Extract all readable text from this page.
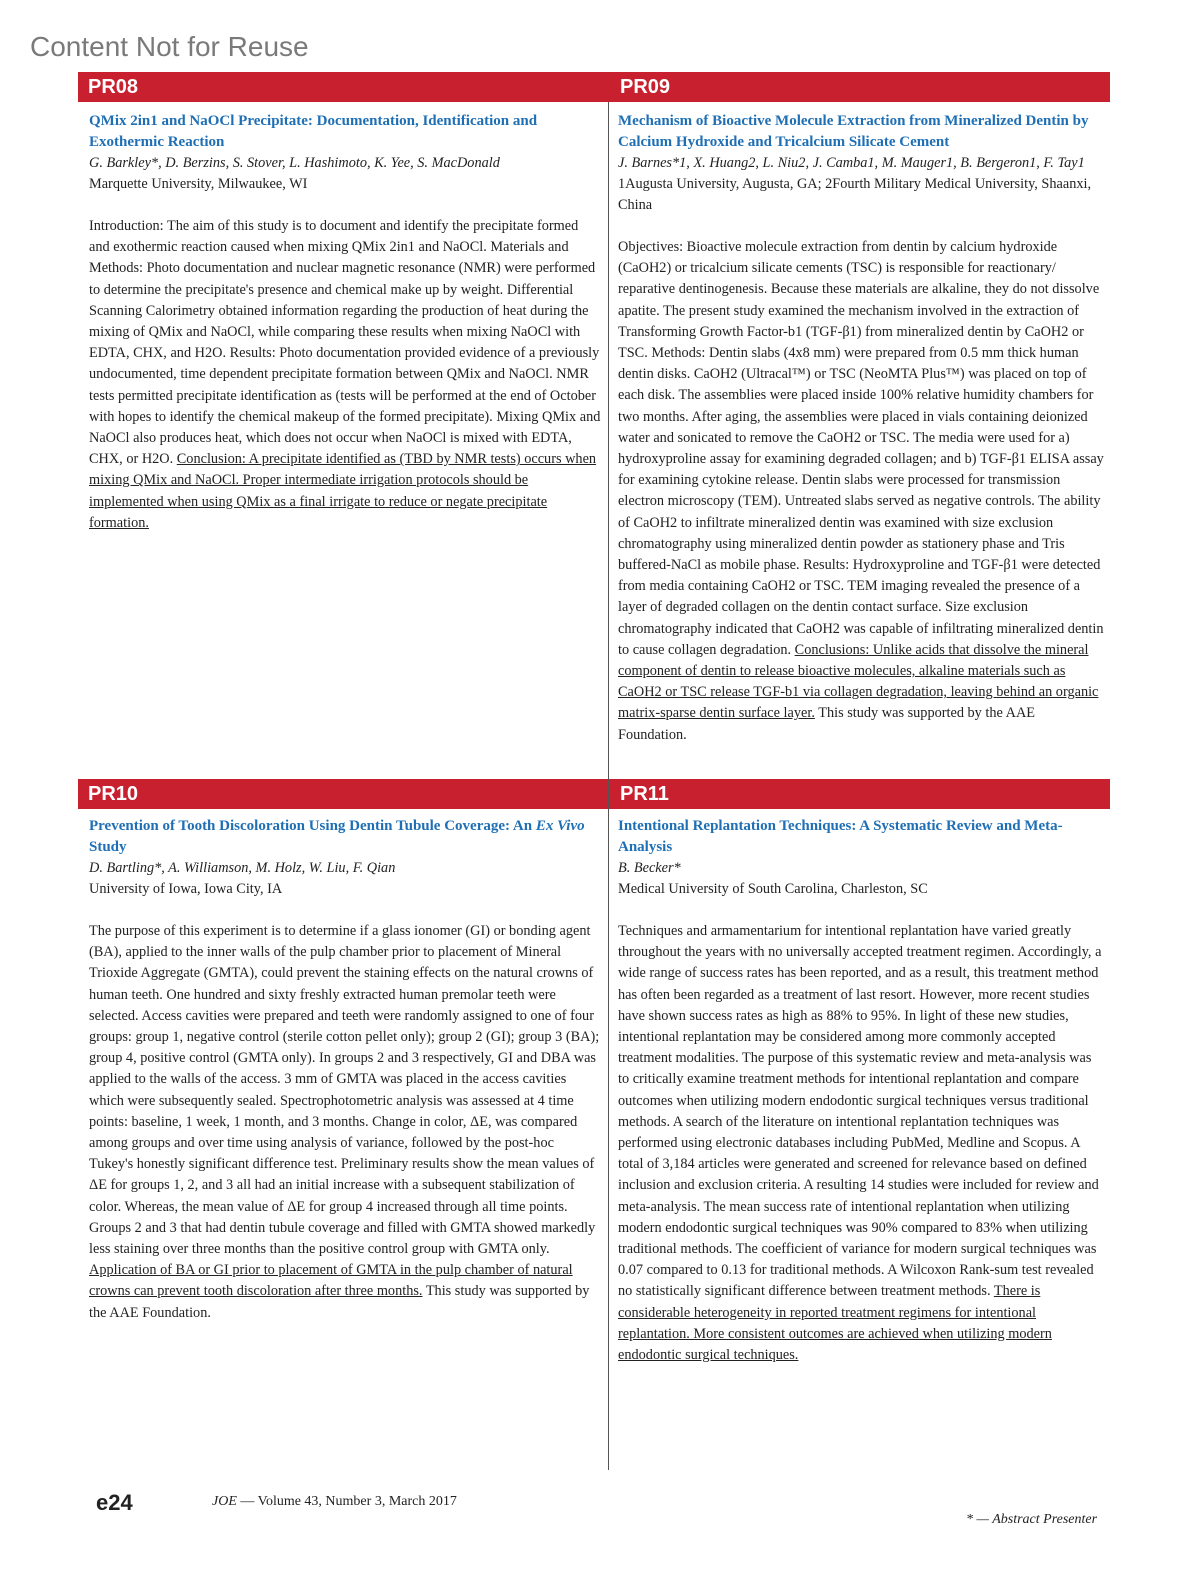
Content Not for Reuse
PR08	PR09
PR10	PR11
QMix 2in1 and NaOCl Precipitate: Documentation, Identification and Exothermic Reaction
G. Barkley*, D. Berzins, S. Stover, L. Hashimoto, K. Yee, S. MacDonald
Marquette University, Milwaukee, WI
Introduction: The aim of this study is to document and identify the precipitate formed and exothermic reaction caused when mixing QMix 2in1 and NaOCl. Materials and Methods: Photo documentation and nuclear magnetic resonance (NMR) were performed to determine the precipitate's presence and chemical make up by weight. Differential Scanning Calorimetry obtained information regarding the production of heat during the mixing of QMix and NaOCl, while comparing these results when mixing NaOCl with EDTA, CHX, and H2O. Results: Photo documentation provided evidence of a previously undocumented, time dependent precipitate formation between QMix and NaOCl. NMR tests permitted precipitate identification as (tests will be performed at the end of October with hopes to identify the chemical makeup of the formed precipitate). Mixing QMix and NaOCl also produces heat, which does not occur when NaOCl is mixed with EDTA, CHX, or H2O. Conclusion: A precipitate identified as (TBD by NMR tests) occurs when mixing QMix and NaOCl. Proper intermediate irrigation protocols should be implemented when using QMix as a final irrigate to reduce or negate precipitate formation.
Mechanism of Bioactive Molecule Extraction from Mineralized Dentin by Calcium Hydroxide and Tricalcium Silicate Cement
J. Barnes*1, X. Huang2, L. Niu2, J. Camba1, M. Mauger1, B. Bergeron1, F. Tay1
1Augusta University, Augusta, GA; 2Fourth Military Medical University, Shaanxi, China
Objectives: Bioactive molecule extraction from dentin by calcium hydroxide (CaOH2) or tricalcium silicate cements (TSC) is responsible for reactionary/ reparative dentinogenesis. Because these materials are alkaline, they do not dissolve apatite. The present study examined the mechanism involved in the extraction of Transforming Growth Factor-b1 (TGF-β1) from mineralized dentin by CaOH2 or TSC. Methods: Dentin slabs (4x8 mm) were prepared from 0.5 mm thick human dentin disks. CaOH2 (Ultracal™) or TSC (NeoMTA Plus™) was placed on top of each disk. The assemblies were placed inside 100% relative humidity chambers for two months. After aging, the assemblies were placed in vials containing deionized water and sonicated to remove the CaOH2 or TSC. The media were used for a) hydroxyproline assay for examining degraded collagen; and b) TGF-β1 ELISA assay for examining cytokine release. Dentin slabs were processed for transmission electron microscopy (TEM). Untreated slabs served as negative controls. The ability of CaOH2 to infiltrate mineralized dentin was examined with size exclusion chromatography using mineralized dentin powder as stationery phase and Tris buffered-NaCl as mobile phase. Results: Hydroxyproline and TGF-β1 were detected from media containing CaOH2 or TSC. TEM imaging revealed the presence of a layer of degraded collagen on the dentin contact surface. Size exclusion chromatography indicated that CaOH2 was capable of infiltrating mineralized dentin to cause collagen degradation. Conclusions: Unlike acids that dissolve the mineral component of dentin to release bioactive molecules, alkaline materials such as CaOH2 or TSC release TGF-b1 via collagen degradation, leaving behind an organic matrix-sparse dentin surface layer. This study was supported by the AAE Foundation.
Prevention of Tooth Discoloration Using Dentin Tubule Coverage: An Ex Vivo Study
D. Bartling*, A. Williamson, M. Holz, W. Liu, F. Qian
University of Iowa, Iowa City, IA
The purpose of this experiment is to determine if a glass ionomer (GI) or bonding agent (BA), applied to the inner walls of the pulp chamber prior to placement of Mineral Trioxide Aggregate (GMTA), could prevent the staining effects on the natural crowns of human teeth. One hundred and sixty freshly extracted human premolar teeth were selected. Access cavities were prepared and teeth were randomly assigned to one of four groups: group 1, negative control (sterile cotton pellet only); group 2 (GI); group 3 (BA); group 4, positive control (GMTA only). In groups 2 and 3 respectively, GI and DBA was applied to the walls of the access. 3 mm of GMTA was placed in the access cavities which were subsequently sealed. Spectrophotometric analysis was assessed at 4 time points: baseline, 1 week, 1 month, and 3 months. Change in color, ΔE, was compared among groups and over time using analysis of variance, followed by the post-hoc Tukey's honestly significant difference test. Preliminary results show the mean values of ΔE for groups 1, 2, and 3 all had an initial increase with a subsequent stabilization of color. Whereas, the mean value of ΔE for group 4 increased through all time points. Groups 2 and 3 that had dentin tubule coverage and filled with GMTA showed markedly less staining over three months than the positive control group with GMTA only. Application of BA or GI prior to placement of GMTA in the pulp chamber of natural crowns can prevent tooth discoloration after three months. This study was supported by the AAE Foundation.
Intentional Replantation Techniques: A Systematic Review and Meta-Analysis
B. Becker*
Medical University of South Carolina, Charleston, SC
Techniques and armamentarium for intentional replantation have varied greatly throughout the years with no universally accepted treatment regimen. Accordingly, a wide range of success rates has been reported, and as a result, this treatment method has often been regarded as a treatment of last resort. However, more recent studies have shown success rates as high as 88% to 95%. In light of these new studies, intentional replantation may be considered among more commonly accepted treatment modalities. The purpose of this systematic review and meta-analysis was to critically examine treatment methods for intentional replantation and compare outcomes when utilizing modern endodontic surgical techniques versus traditional methods. A search of the literature on intentional replantation techniques was performed using electronic databases including PubMed, Medline and Scopus. A total of 3,184 articles were generated and screened for relevance based on defined inclusion and exclusion criteria. A resulting 14 studies were included for review and meta-analysis. The mean success rate of intentional replantation when utilizing modern endodontic surgical techniques was 90% compared to 83% when utilizing traditional methods. The coefficient of variance for modern surgical techniques was 0.07 compared to 0.13 for traditional methods. A Wilcoxon Rank-sum test revealed no statistically significant difference between treatment methods. There is considerable heterogeneity in reported treatment regimens for intentional replantation. More consistent outcomes are achieved when utilizing modern endodontic surgical techniques.
e24	JOE — Volume 43, Number 3, March 2017
* — Abstract Presenter
